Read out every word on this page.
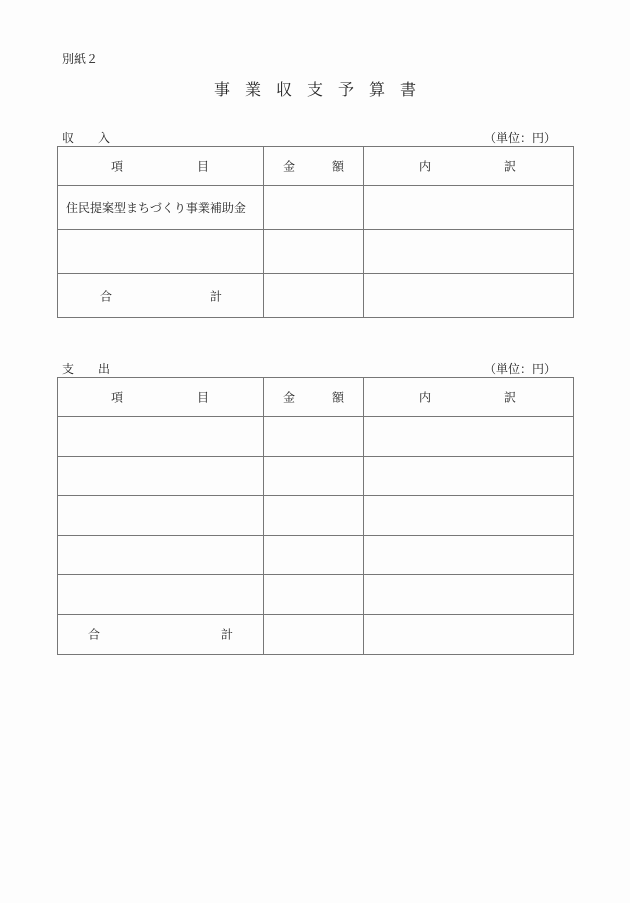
別紙２
事業収支予算書
収 入	（単位：円）
項 目	金 額	内 訳

住民提案型まちづくり事業補助金		

合 計		

支 出	（単位：円）
項 目	金 額	内 訳

合 計		
